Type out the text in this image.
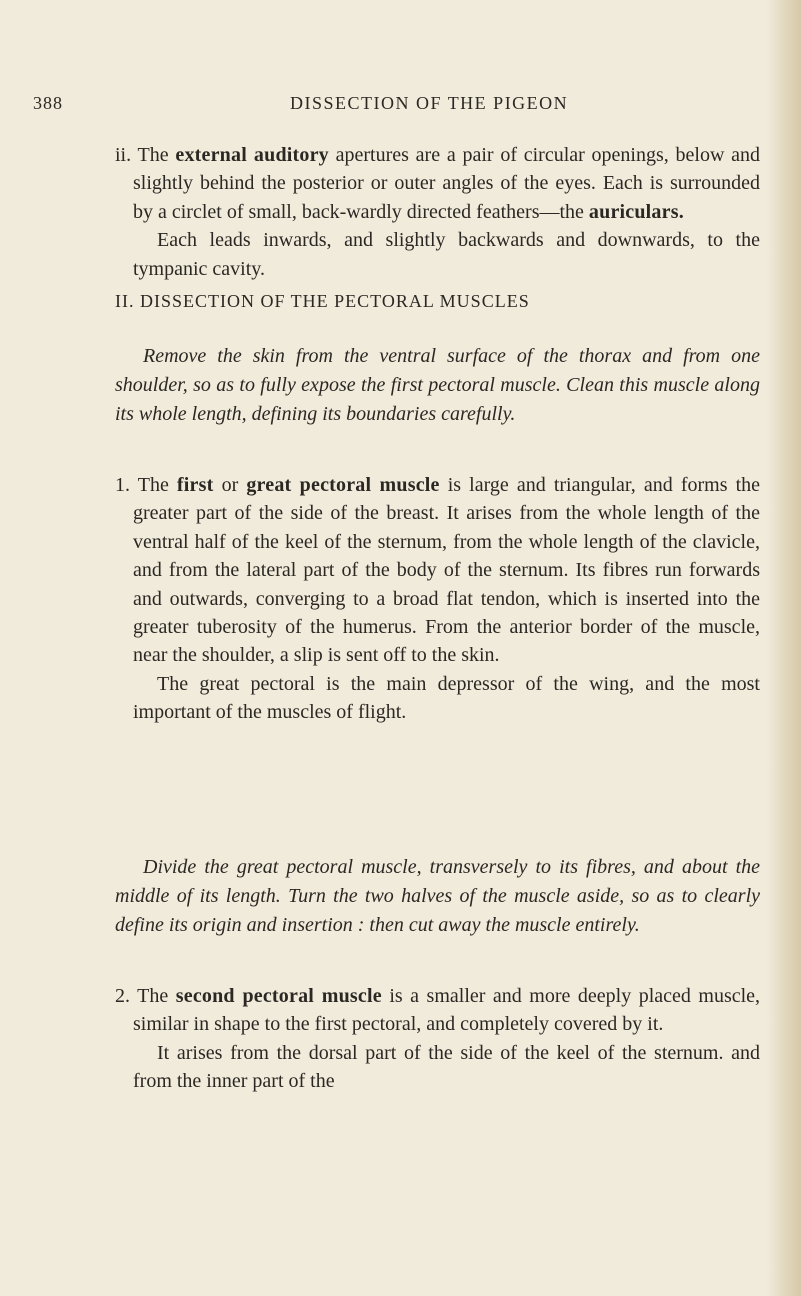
388	DISSECTION OF THE PIGEON
ii. The external auditory apertures are a pair of circular openings, below and slightly behind the posterior or outer angles of the eyes. Each is surrounded by a circlet of small, back-wardly directed feathers—the auriculars.
Each leads inwards, and slightly backwards and downwards, to the tympanic cavity.
II. DISSECTION OF THE PECTORAL MUSCLES
Remove the skin from the ventral surface of the thorax and from one shoulder, so as to fully expose the first pectoral muscle. Clean this muscle along its whole length, defining its boundaries carefully.
1. The first or great pectoral muscle is large and triangular, and forms the greater part of the side of the breast. It arises from the whole length of the ventral half of the keel of the sternum, from the whole length of the clavicle, and from the lateral part of the body of the sternum. Its fibres run forwards and outwards, converging to a broad flat tendon, which is inserted into the greater tuberosity of the humerus. From the anterior border of the muscle, near the shoulder, a slip is sent off to the skin.
The great pectoral is the main depressor of the wing, and the most important of the muscles of flight.
Divide the great pectoral muscle, transversely to its fibres, and about the middle of its length. Turn the two halves of the muscle aside, so as to clearly define its origin and insertion : then cut away the muscle entirely.
2. The second pectoral muscle is a smaller and more deeply placed muscle, similar in shape to the first pectoral, and completely covered by it.
It arises from the dorsal part of the side of the keel of the sternum. and from the inner part of the
